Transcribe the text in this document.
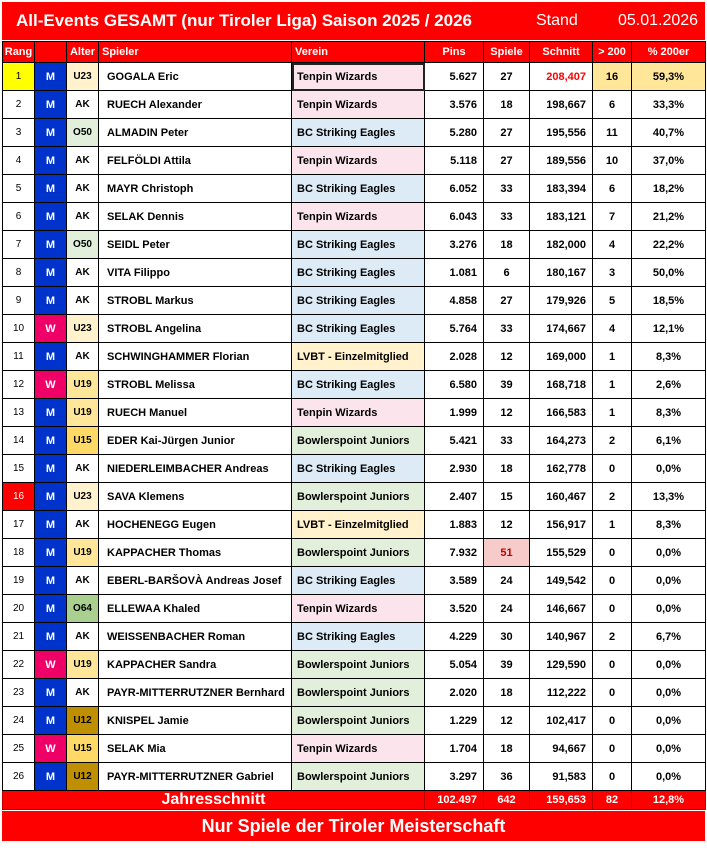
All-Events GESAMT (nur Tiroler Liga) Saison 2025 / 2026	Stand	05.01.2026
Rang		Alter	Spieler	Verein	Pins	Spiele	Schnitt	> 200	% 200er
1	M	U23	GOGALA Eric	Tenpin Wizards	5.627	27	208,407	16	59,3%
2	M	AK	RUECH Alexander	Tenpin Wizards	3.576	18	198,667	6	33,3%
3	M	O50	ALMADIN Peter	BC Striking Eagles	5.280	27	195,556	11	40,7%
4	M	AK	FELFÖLDI Attila	Tenpin Wizards	5.118	27	189,556	10	37,0%
5	M	AK	MAYR Christoph	BC Striking Eagles	6.052	33	183,394	6	18,2%
6	M	AK	SELAK Dennis	Tenpin Wizards	6.043	33	183,121	7	21,2%
7	M	O50	SEIDL Peter	BC Striking Eagles	3.276	18	182,000	4	22,2%
8	M	AK	VITA Filippo	BC Striking Eagles	1.081	6	180,167	3	50,0%
9	M	AK	STROBL Markus	BC Striking Eagles	4.858	27	179,926	5	18,5%
10	W	U23	STROBL Angelina	BC Striking Eagles	5.764	33	174,667	4	12,1%
11	M	AK	SCHWINGHAMMER Florian	LVBT - Einzelmitglied	2.028	12	169,000	1	8,3%
12	W	U19	STROBL Melissa	BC Striking Eagles	6.580	39	168,718	1	2,6%
13	M	U19	RUECH Manuel	Tenpin Wizards	1.999	12	166,583	1	8,3%
14	M	U15	EDER Kai-Jürgen Junior	Bowlerspoint Juniors	5.421	33	164,273	2	6,1%
15	M	AK	NIEDERLEIMBACHER Andreas	BC Striking Eagles	2.930	18	162,778	0	0,0%
16	M	U23	SAVA Klemens	Bowlerspoint Juniors	2.407	15	160,467	2	13,3%
17	M	AK	HOCHENEGG Eugen	LVBT - Einzelmitglied	1.883	12	156,917	1	8,3%
18	M	U19	KAPPACHER Thomas	Bowlerspoint Juniors	7.932	51	155,529	0	0,0%
19	M	AK	EBERL-BARŠOVÀ Andreas Josef	BC Striking Eagles	3.589	24	149,542	0	0,0%
20	M	O64	ELLEWAA Khaled	Tenpin Wizards	3.520	24	146,667	0	0,0%
21	M	AK	WEISSENBACHER Roman	BC Striking Eagles	4.229	30	140,967	2	6,7%
22	W	U19	KAPPACHER Sandra	Bowlerspoint Juniors	5.054	39	129,590	0	0,0%
23	M	AK	PAYR-MITTERRUTZNER Bernhard	Bowlerspoint Juniors	2.020	18	112,222	0	0,0%
24	M	U12	KNISPEL Jamie	Bowlerspoint Juniors	1.229	12	102,417	0	0,0%
25	W	U15	SELAK Mia	Tenpin Wizards	1.704	18	94,667	0	0,0%
26	M	U12	PAYR-MITTERRUTZNER Gabriel	Bowlerspoint Juniors	3.297	36	91,583	0	0,0%
Jahresschnitt					102.497	642	159,653	82	12,8%
Nur Spiele der Tiroler Meisterschaft
